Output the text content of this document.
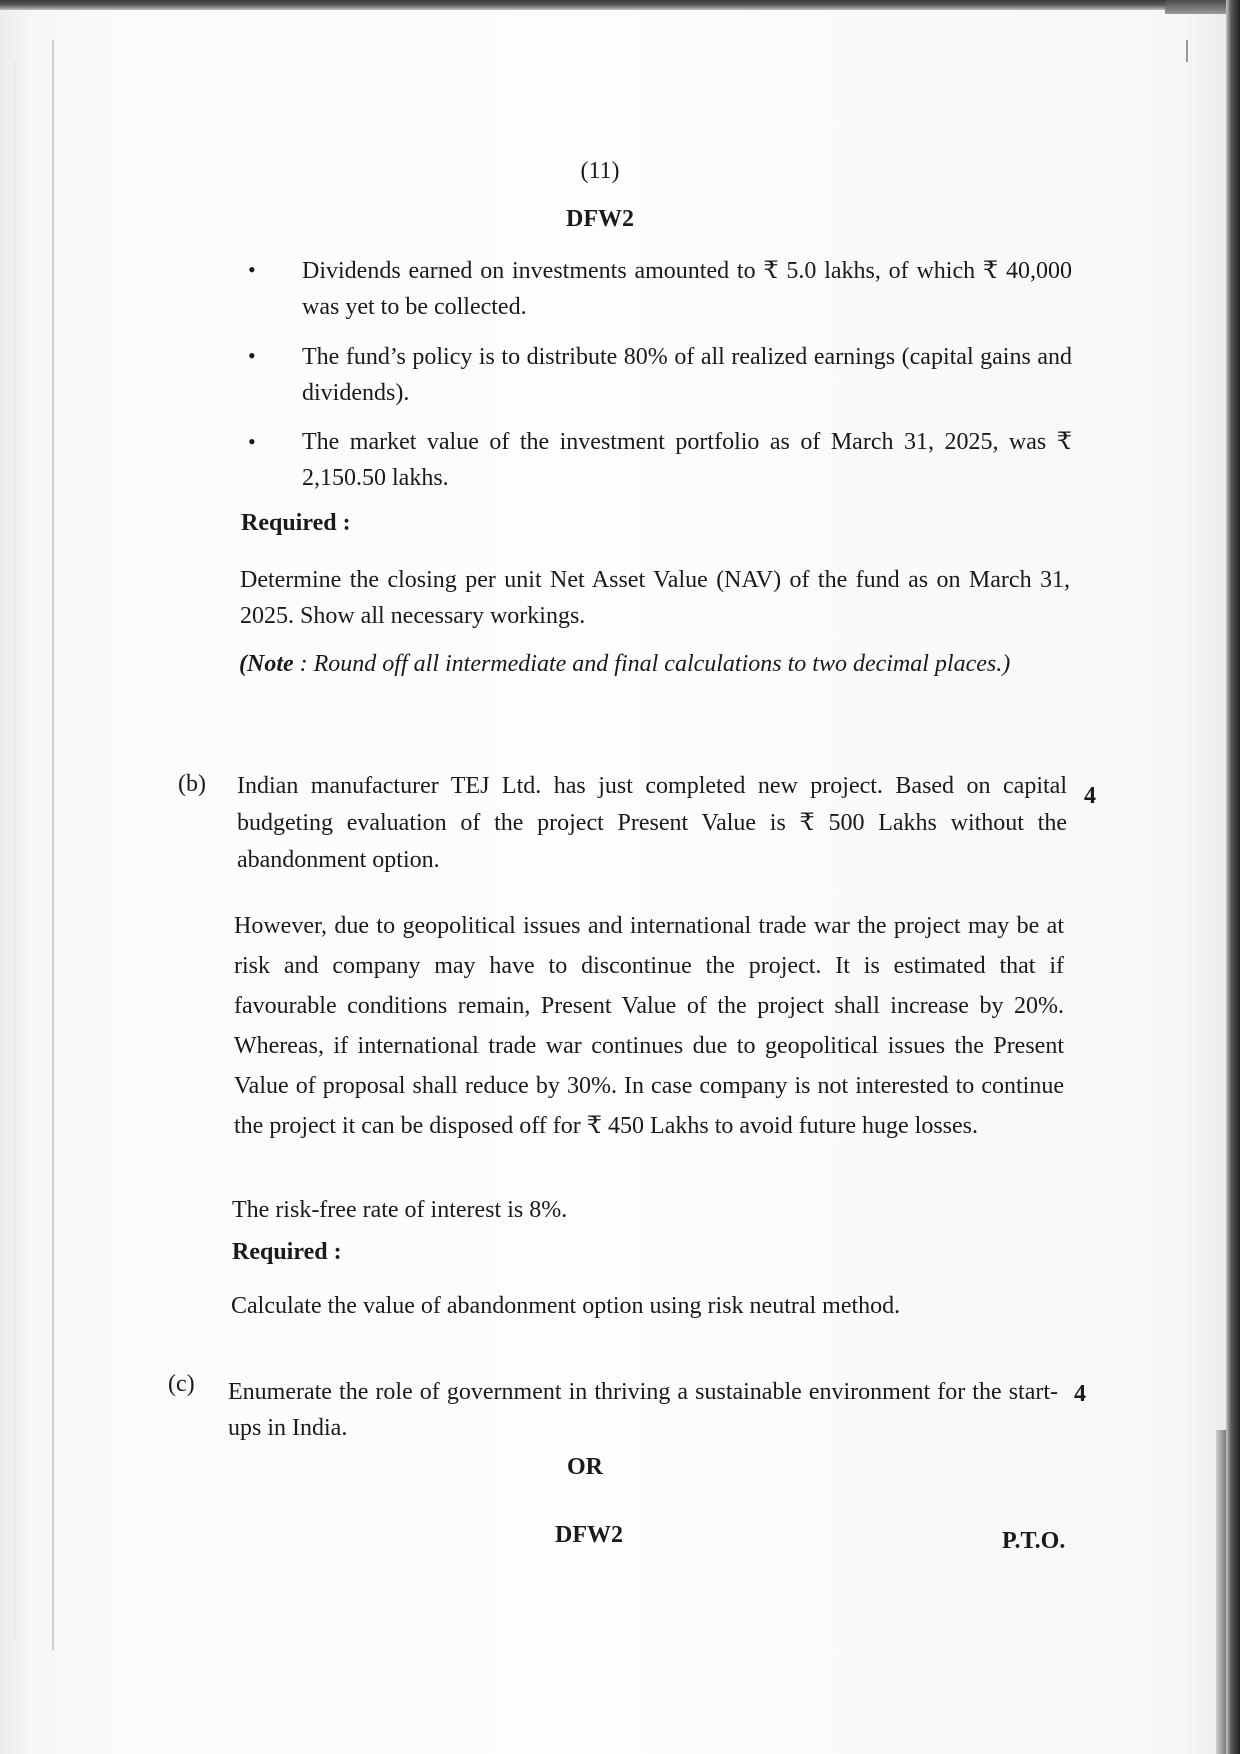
(11)
DFW2
• Dividends earned on investments amounted to ₹ 5.0 lakhs, of which ₹ 40,000 was yet to be collected.

• The fund’s policy is to distribute 80% of all realized earnings (capital gains and dividends).

• The market value of the investment portfolio as of March 31, 2025, was ₹ 2,150.50 lakhs.

Required :

Determine the closing per unit Net Asset Value (NAV) of the fund as on March 31, 2025. Show all necessary workings.

(Note : Round off all intermediate and final calculations to two decimal places.)

(b)	4

Indian manufacturer TEJ Ltd. has just completed new project. Based on capital budgeting evaluation of the project Present Value is ₹ 500 Lakhs without the abandonment option.

However, due to geopolitical issues and international trade war the project may be at risk and company may have to discontinue the project. It is estimated that if favourable conditions remain, Present Value of the project shall increase by 20%. Whereas, if international trade war continues due to geopolitical issues the Present Value of proposal shall reduce by 30%. In case company is not interested to continue the project it can be disposed off for ₹ 450 Lakhs to avoid future huge losses.

The risk-free rate of interest is 8%.

Required :

Calculate the value of abandonment option using risk neutral method.

(c)	4

Enumerate the role of government in thriving a sustainable environment for the start-ups in India.

OR
DFW2	P.T.O.
